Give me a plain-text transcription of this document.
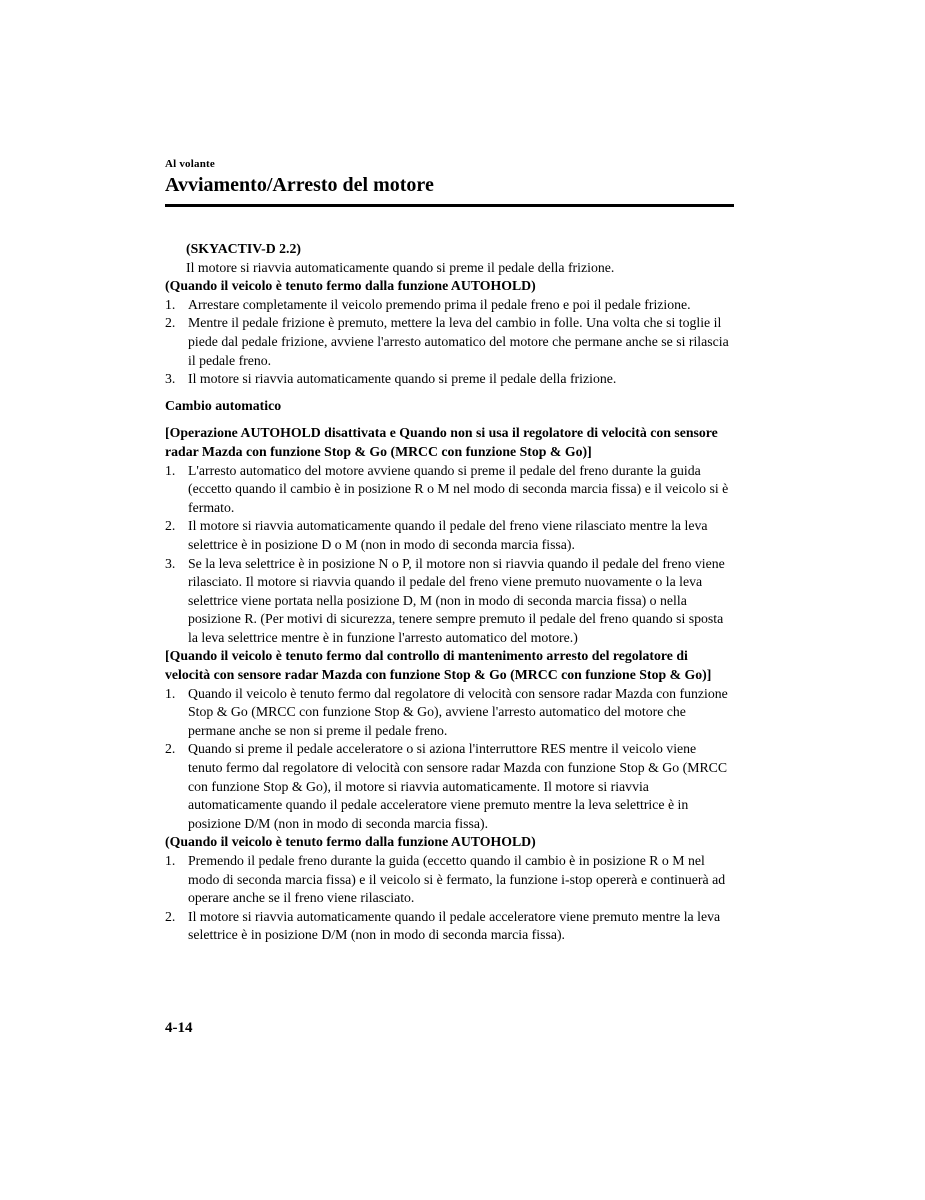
Al volante
Avviamento/Arresto del motore
(SKYACTIV-D 2.2)
Il motore si riavvia automaticamente quando si preme il pedale della frizione.
(Quando il veicolo è tenuto fermo dalla funzione AUTOHOLD)
1. Arrestare completamente il veicolo premendo prima il pedale freno e poi il pedale frizione.
2. Mentre il pedale frizione è premuto, mettere la leva del cambio in folle. Una volta che si toglie il piede dal pedale frizione, avviene l'arresto automatico del motore che permane anche se si rilascia il pedale freno.
3. Il motore si riavvia automaticamente quando si preme il pedale della frizione.
Cambio automatico
[Operazione AUTOHOLD disattivata e Quando non si usa il regolatore di velocità con sensore radar Mazda con funzione Stop & Go (MRCC con funzione Stop & Go)]
1. L'arresto automatico del motore avviene quando si preme il pedale del freno durante la guida (eccetto quando il cambio è in posizione R o M nel modo di seconda marcia fissa) e il veicolo si è fermato.
2. Il motore si riavvia automaticamente quando il pedale del freno viene rilasciato mentre la leva selettrice è in posizione D o M (non in modo di seconda marcia fissa).
3. Se la leva selettrice è in posizione N o P, il motore non si riavvia quando il pedale del freno viene rilasciato. Il motore si riavvia quando il pedale del freno viene premuto nuovamente o la leva selettrice viene portata nella posizione D, M (non in modo di seconda marcia fissa) o nella posizione R. (Per motivi di sicurezza, tenere sempre premuto il pedale del freno quando si sposta la leva selettrice mentre è in funzione l'arresto automatico del motore.)
[Quando il veicolo è tenuto fermo dal controllo di mantenimento arresto del regolatore di velocità con sensore radar Mazda con funzione Stop & Go (MRCC con funzione Stop & Go)]
1. Quando il veicolo è tenuto fermo dal regolatore di velocità con sensore radar Mazda con funzione Stop & Go (MRCC con funzione Stop & Go), avviene l'arresto automatico del motore che permane anche se non si preme il pedale freno.
2. Quando si preme il pedale acceleratore o si aziona l'interruttore RES mentre il veicolo viene tenuto fermo dal regolatore di velocità con sensore radar Mazda con funzione Stop & Go (MRCC con funzione Stop & Go), il motore si riavvia automaticamente. Il motore si riavvia automaticamente quando il pedale acceleratore viene premuto mentre la leva selettrice è in posizione D/M (non in modo di seconda marcia fissa).
(Quando il veicolo è tenuto fermo dalla funzione AUTOHOLD)
1. Premendo il pedale freno durante la guida (eccetto quando il cambio è in posizione R o M nel modo di seconda marcia fissa) e il veicolo si è fermato, la funzione i-stop opererà e continuerà ad operare anche se il freno viene rilasciato.
2. Il motore si riavvia automaticamente quando il pedale acceleratore viene premuto mentre la leva selettrice è in posizione D/M (non in modo di seconda marcia fissa).
4-14
